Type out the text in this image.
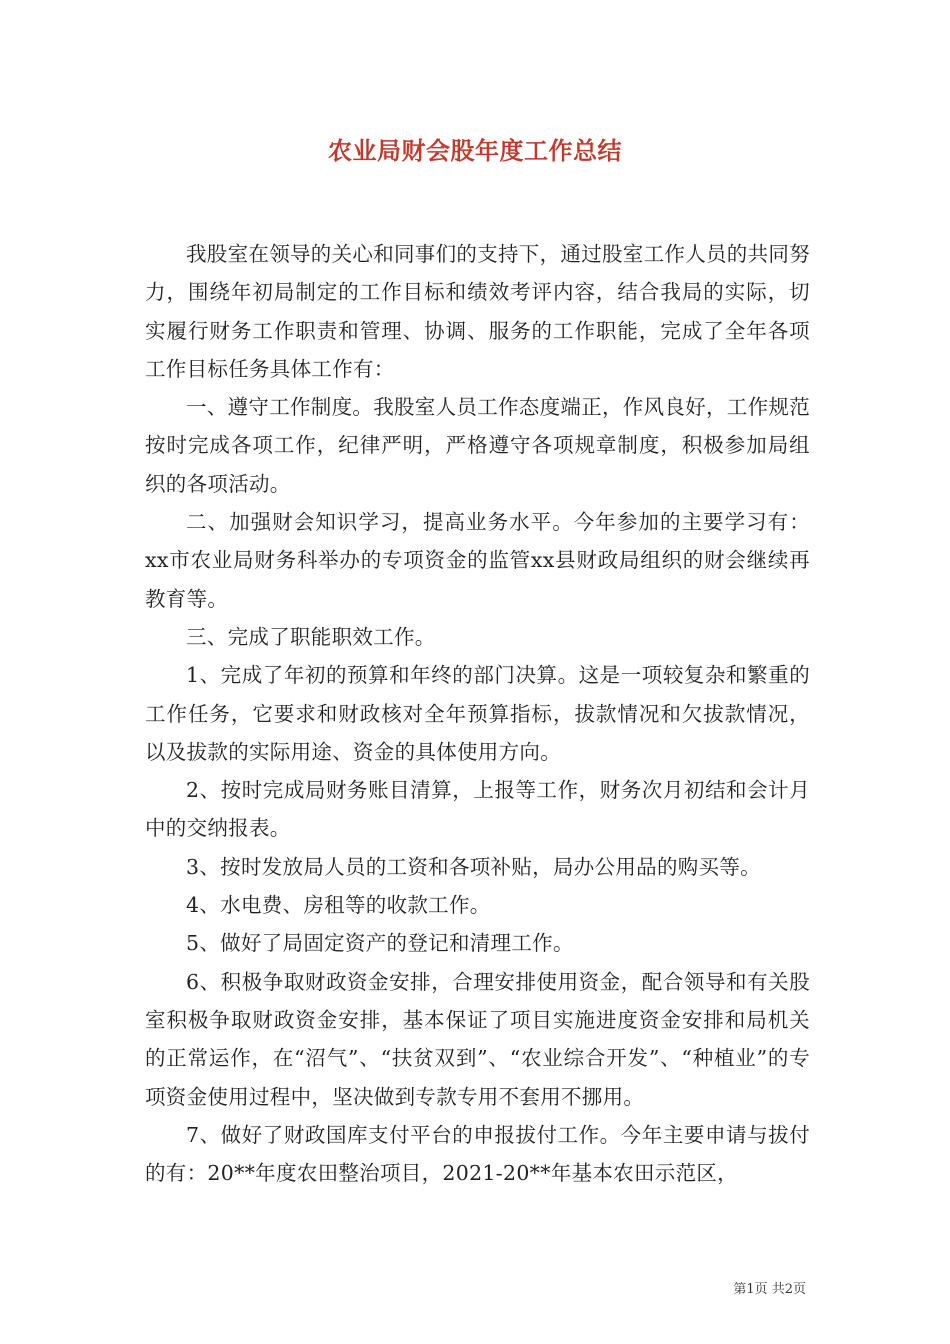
农业局财会股年度工作总结

我股室在领导的关心和同事们的支持下，通过股室工作人员的共同努力，围绕年初局制定的工作目标和绩效考评内容，结合我局的实际，切实履行财务工作职责和管理、协调、服务的工作职能，完成了全年各项工作目标任务具体工作有：

一、遵守工作制度。我股室人员工作态度端正，作风良好，工作规范按时完成各项工作，纪律严明，严格遵守各项规章制度，积极参加局组织的各项活动。

二、加强财会知识学习，提高业务水平。今年参加的主要学习有：xx市农业局财务科举办的专项资金的监管xx县财政局组织的财会继续再教育等。

三、完成了职能职效工作。

1、完成了年初的预算和年终的部门决算。这是一项较复杂和繁重的工作任务，它要求和财政核对全年预算指标，拔款情况和欠拔款情况，以及拔款的实际用途、资金的具体使用方向。

2、按时完成局财务账目清算，上报等工作，财务次月初结和会计月中的交纳报表。

3、按时发放局人员的工资和各项补贴，局办公用品的购买等。

4、水电费、房租等的收款工作。

5、做好了局固定资产的登记和清理工作。

6、积极争取财政资金安排，合理安排使用资金，配合领导和有关股室积极争取财政资金安排，基本保证了项目实施进度资金安排和局机关的正常运作，在“沼气”、“扶贫双到”、“农业综合开发”、“种植业”的专项资金使用过程中，坚决做到专款专用不套用不挪用。

7、做好了财政国库支付平台的申报拔付工作。今年主要申请与拔付的有：20**年度农田整治项目，2021-20**年基本农田示范区，

第1页 共2页
